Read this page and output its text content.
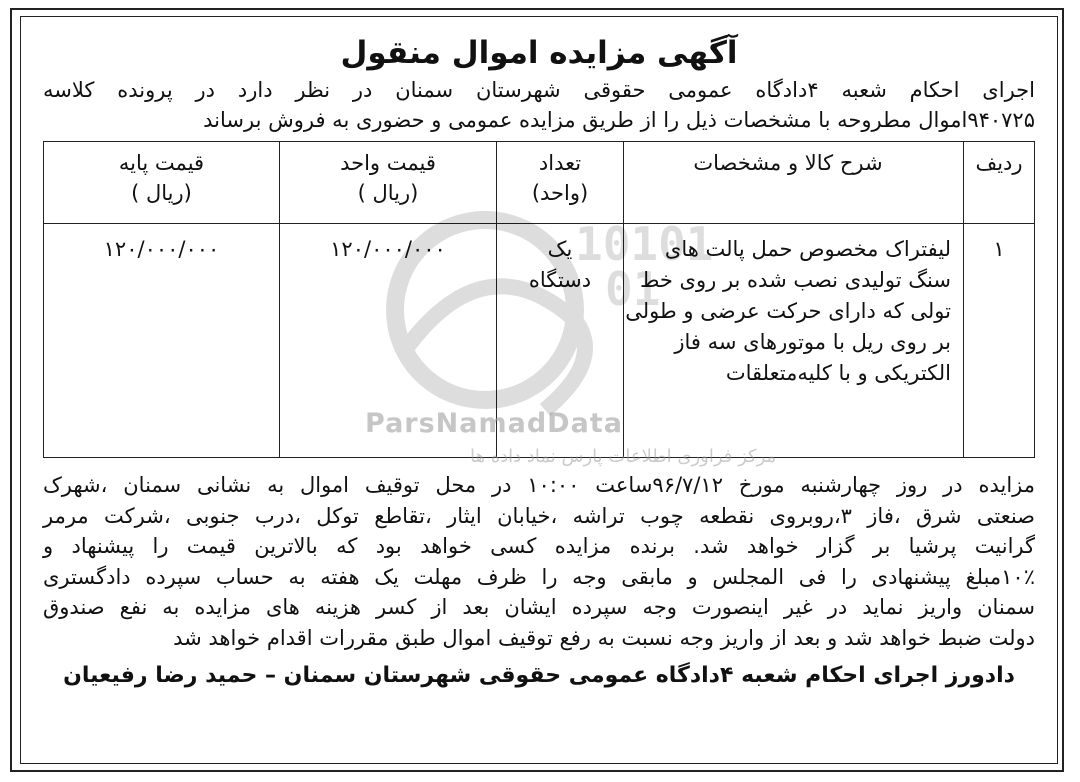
آگهی مزایده اموال منقول

اجرای احکام شعبه ۴دادگاه عمومی حقوقی شهرستان سمنان در نظر دارد در پرونده کلاسه

۹۴۰۷۲۵اموال مطروحه با مشخصات ذیل را از طریق مزایده عمومی و حضوری به فروش برساند

ردیف	شرح کالا و مشخصات	تعداد (واحد)	قیمت واحد (ریال )	قیمت پایه (ریال )

۱	لیفتراک مخصوص حمل پالت های سنگ تولیدی نصب شده بر روی خط تولی که دارای حرکت عرضی و طولی بر روی ریل با موتورهای سه فاز الکتریکی و با کلیه‌متعلقات	یک دستگاه	۱۲۰/۰۰۰/۰۰۰	۱۲۰/۰۰۰/۰۰۰

مزایده در روز چهارشنبه مورخ ۹۶/۷/۱۲ساعت ۱۰:۰۰ در محل توقیف اموال به نشانی سمنان ،شهرک

صنعتی شرق ،فاز ۳،روبروی نقطعه چوب تراشه ،خیابان ایثار ،تقاطع توکل ،درب جنوبی ،شرکت مرمر

گرانیت پرشیا بر گزار خواهد شد. برنده مزایده کسی خواهد بود که بالاترین قیمت را پیشنهاد و

۱۰٪مبلغ پیشنهادی را فی المجلس و مابقی وجه را ظرف مهلت یک هفته به حساب سپرده دادگستری

سمنان واریز نماید در غیر اینصورت وجه سپرده ایشان بعد از کسر هزینه های مزایده به نفع صندوق

دولت ضبط خواهد شد و بعد از واریز وجه نسبت به رفع توقیف اموال طبق مقررات اقدام خواهد شد

دادورز اجرای احکام شعبه ۴دادگاه عمومی حقوقی شهرستان سمنان – حمید رضا رفیعیان
10101
01
ParsNamadData
مرکز فراوری اطلاعات پارس نماد داده ها
